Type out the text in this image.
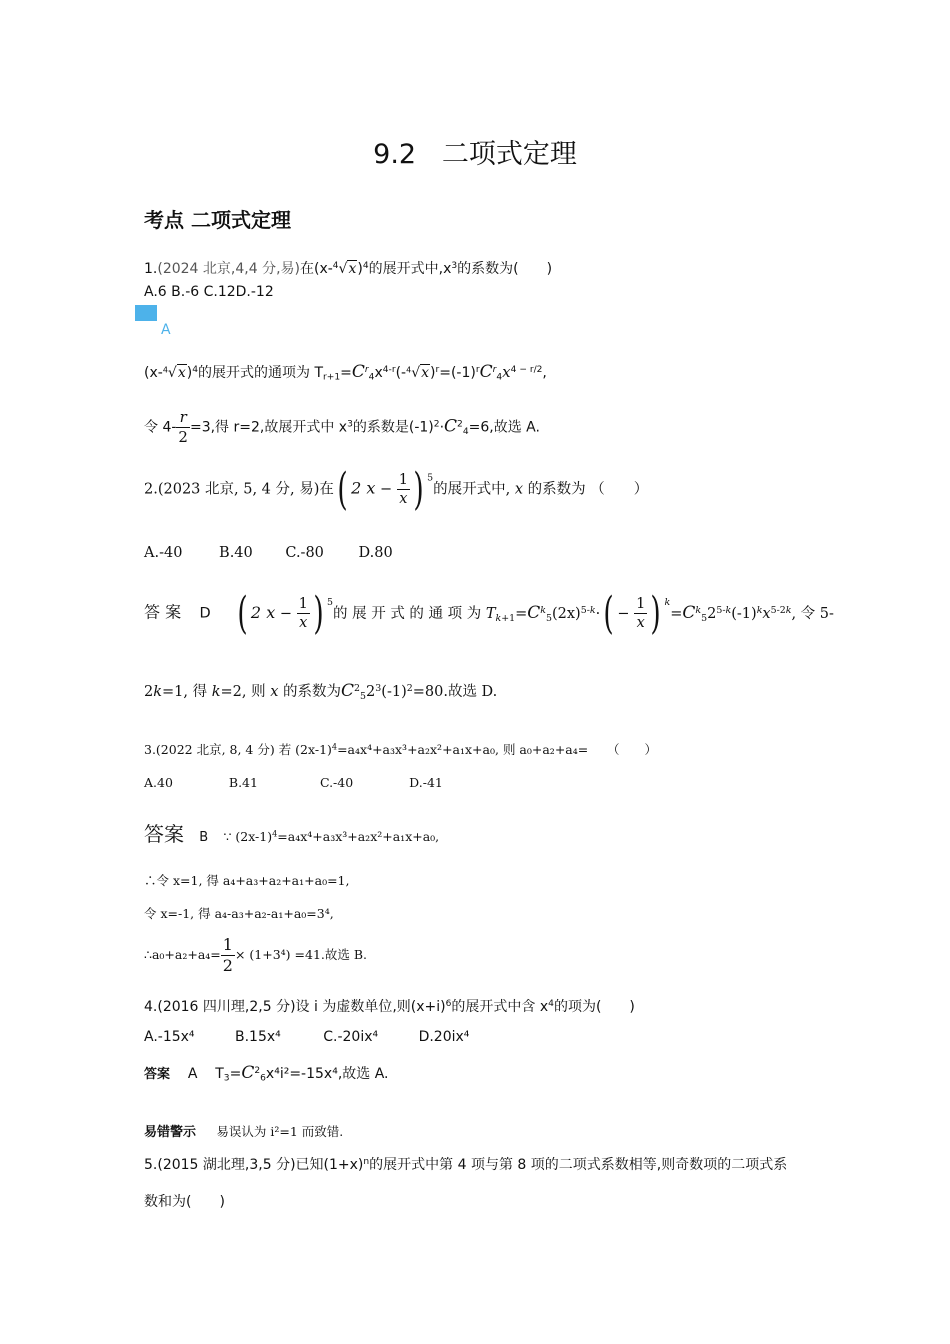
9.2 二项式定理
考点 二项式定理
1.(2024 北京,4,4 分,易)在$(x-^4√x)^4$的展开式中$,x^3$的系数为(　　)
A.6 B.-6 C.12D.-12
A
$(x-^4√x)^4$的展开式的通项为 $T_{r+1}=C^r_4x^{4-r}(-^4√x)^r=(-1)^rC^r_4x^{4 - r/2}$,
令 $4- \frac{r}{2} =3$,得 r=2,故展开式中 $x^3$的系数是$(-1)^2\cdot C^2_4=6$,故选 A.
2.(2023 北京, 5, 4 分, 易)在( 2 $x - \frac{1}{x}$ ) $^5$的展开式中, x 的系数为 （　　）
A.-40	B.40 C.-80 D.80
答 案 D ( 2 $x - \frac{1}{x}$ ) $^5$的 展 开 式 的 通 项 为 $T_{k+1}=C^k_5(2x)^{5-k}\cdot( - \frac{1}{x}$ ) $^k=C^k_52^{5-k}(-1)^kx^{5-2k}$, 令 5-
2k=1, 得 k=2, 则 x 的系数为$C^2_52^3(-1)^2=80$.故选 D.
3.(2022 北京, 8, 4 分) 若 $(2x-1)^4=a_4x^4+a_3x^3+a_2x^2+a_1x+a_0$, 则 a₀+a₂+a₄=　　（　　）
A.40	B.41	C.-40	D.-41
答案 B ∵ $(2x-1)^4=a_4x^4+a_3x^3+a_2x^2+a_1x+a_0$,
∴令 x=1, 得 a₄+a₃+a₂+a₁+a₀=1,
令 x=-1, 得 a₄-a₃+a₂-a₁+a₀=3⁴,
∴a₀+a₂+a₄= $\frac{1}{2} \times (1+3^4) =41$.故选 B.
4.(2016 四川理,2,5 分)设 i 为虚数单位,则$(x+i)^6$的展开式中含 $x^4$的项为(　　)
A.-15x⁴	B.15x⁴	C.-20ix⁴	D.20ix⁴
答案 A $T_3=C^2_6x^4i^2=-15x^4$,故选 A.
易错警示 易误认为 i²=1 而致错.
5.(2015 湖北理,3,5 分)已知$(1+x)^n$的展开式中第 4 项与第 8 项的二项式系数相等,则奇数项的二项式系
数和为(　　)
